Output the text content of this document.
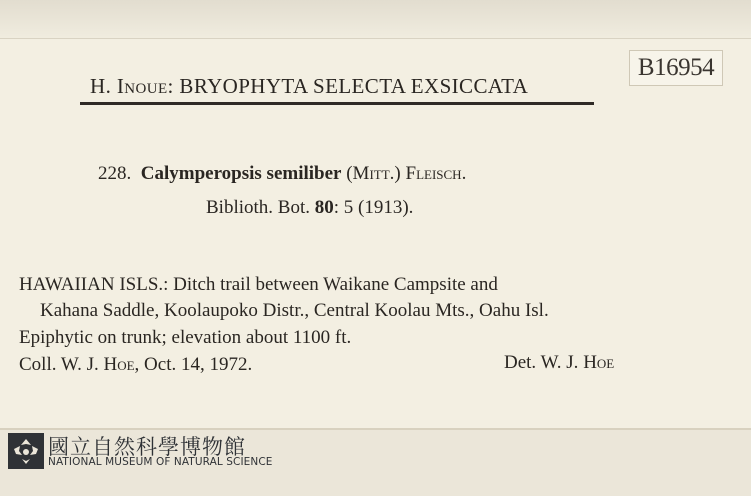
B16954
H. Inoue: BRYOPHYTA SELECTA EXSICCATA
228. Calymperopsis semiliber (Mitt.) Fleisch.
Biblioth. Bot. 80: 5 (1913).
HAWAIIAN ISLS.: Ditch trail between Waikane Campsite and
Kahana Saddle, Koolaupoko Distr., Central Koolau Mts., Oahu Isl.
Epiphytic on trunk; elevation about 1100 ft.
Coll. W. J. Hoe, Oct. 14, 1972.	Det. W. J. Hoe
國立自然科學博物館
NATIONAL MUSEUM OF NATURAL SCIENCE
